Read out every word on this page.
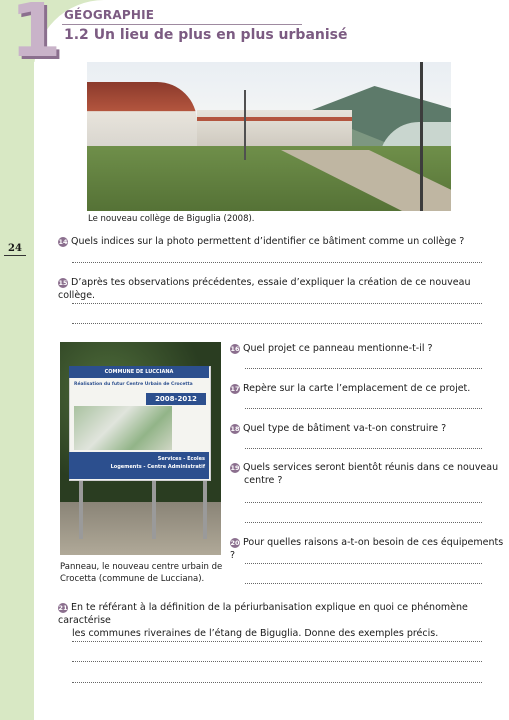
1 GÉOGRAPHIE
1.2 Un lieu de plus en plus urbanisé
24
Le nouveau collège de Biguglia (2008).
14 Quels indices sur la photo permettent d’identifier ce bâtiment comme un collège ?
15 D’après tes observations précédentes, essaie d’expliquer la création de ce nouveau collège.
COMMUNE DE LUCCIANA
Réalisation du futur Centre Urbain de Crocetta
2008-2012
Services - Ecoles
Logements - Centre Administratif
Panneau, le nouveau centre urbain de Crocetta (commune de Lucciana).
16 Quel projet ce panneau mentionne-t-il ?
17 Repère sur la carte l’emplacement de ce projet.
18 Quel type de bâtiment va-t-on construire ?
19 Quels services seront bientôt réunis dans ce nouveau
centre ?
20 Pour quelles raisons a-t-on besoin de ces équipements ?
21 En te référant à la définition de la périurbanisation explique en quoi ce phénomène caractérise
les communes riveraines de l’étang de Biguglia. Donne des exemples précis.
